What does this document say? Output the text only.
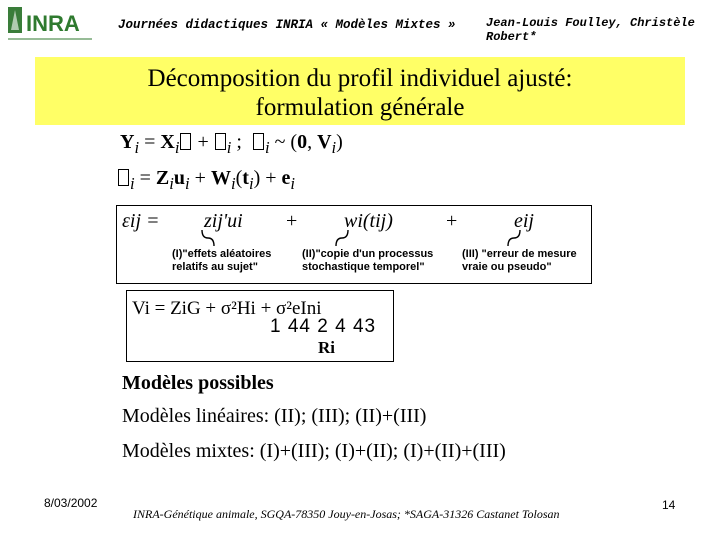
INRA	Journées didactiques INRIA « Modèles Mixtes »	Jean-Louis Foulley, Christèle Robert*
Décomposition du profil individuel ajusté:
formulation générale
$Y_i = X_i + _i$ ;  $_i$ ~ (0, $V_i$)
$_i = Z_iu_i + W_i(t_i) + e_i$
εij = zij'ui + wi(tij)	+	eij
(I)"effets aléatoires relatifs au sujet"
(II)"copie d'un processus stochastique temporel"
(III) "erreur de mesure vraie ou pseudo"
Vi = ZiG + σ²Hi + σ²eIni
1 44 2 4 43
Ri
Modèles possibles
Modèles linéaires: (II); (III); (II)+(III)
Modèles mixtes: (I)+(III); (I)+(II); (I)+(II)+(III)
8/03/2002
INRA-Génétique animale, SGQA-78350 Jouy-en-Josas; *SAGA-31326 Castanet Tolosan
14
